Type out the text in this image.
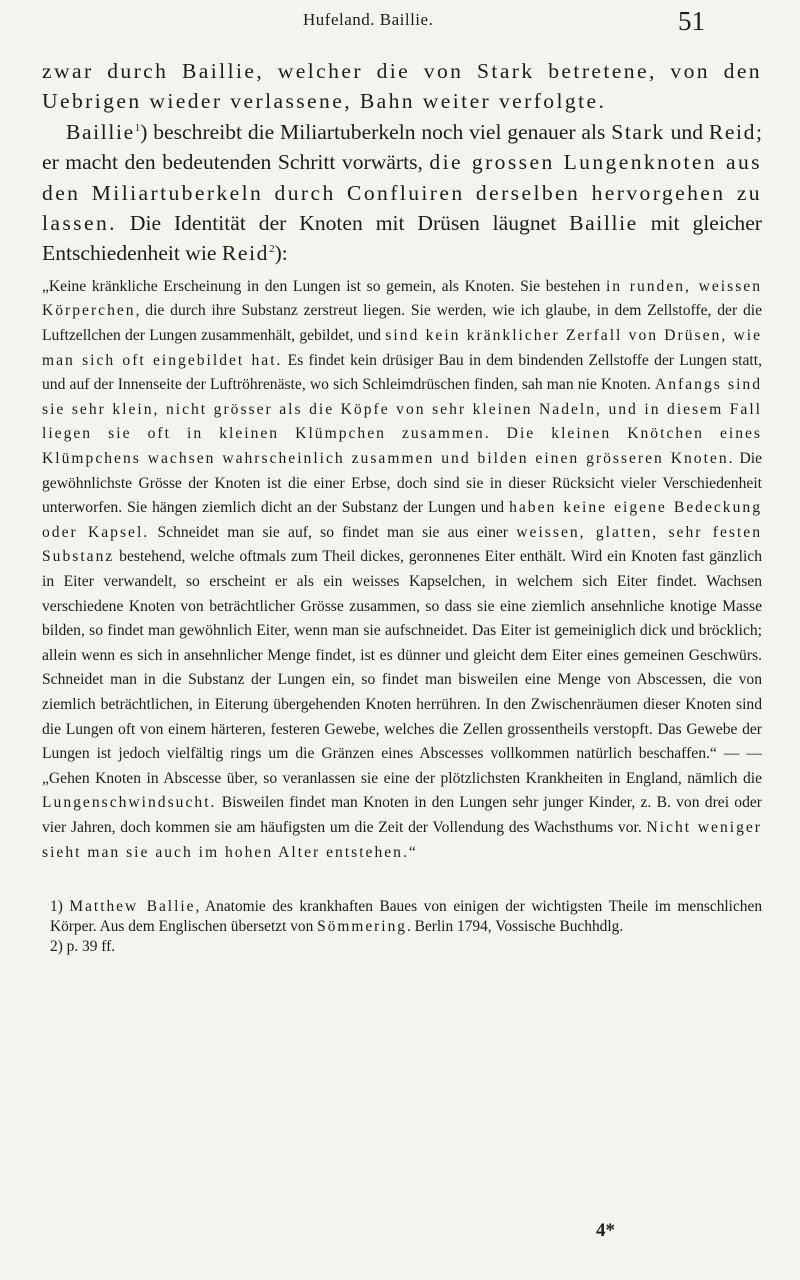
Hufeland. Baillie.	51

zwar durch Baillie, welcher die von Stark betretene, von den Uebrigen wieder verlassene, Bahn weiter verfolgte.

Baillie$^1$) beschreibt die Miliartuberkeln noch viel genauer als Stark und Reid; er macht den bedeutenden Schritt vorwärts, die grossen Lungenknoten aus den Miliartuberkeln durch Confluiren derselben hervorgehen zu lassen. Die Identität der Knoten mit Drüsen läugnet Baillie mit gleicher Entschiedenheit wie Reid$^2$):

„Keine kränkliche Erscheinung in den Lungen ist so gemein, als Knoten. Sie bestehen in runden, weissen Körperchen, die durch ihre Substanz zerstreut liegen. Sie werden, wie ich glaube, in dem Zellstoffe, der die Luftzellchen der Lungen zusammenhält, gebildet, und sind kein kränklicher Zerfall von Drüsen, wie man sich oft eingebildet hat. Es findet kein drüsiger Bau in dem bindenden Zellstoffe der Lungen statt, und auf der Innenseite der Luftröhrenäste, wo sich Schleimdrüschen finden, sah man nie Knoten. Anfangs sind sie sehr klein, nicht grösser als die Köpfe von sehr kleinen Nadeln, und in diesem Fall liegen sie oft in kleinen Klümpchen zusammen. Die kleinen Knötchen eines Klümpchens wachsen wahrscheinlich zusammen und bilden einen grösseren Knoten. Die gewöhnlichste Grösse der Knoten ist die einer Erbse, doch sind sie in dieser Rücksicht vieler Verschiedenheit unterworfen. Sie hängen ziemlich dicht an der Substanz der Lungen und haben keine eigene Bedeckung oder Kapsel. Schneidet man sie auf, so findet man sie aus einer weissen, glatten, sehr festen Substanz bestehend, welche oftmals zum Theil dickes, geronnenes Eiter enthält. Wird ein Knoten fast gänzlich in Eiter verwandelt, so erscheint er als ein weisses Kapselchen, in welchem sich Eiter findet. Wachsen verschiedene Knoten von beträchtlicher Grösse zusammen, so dass sie eine ziemlich ansehnliche knotige Masse bilden, so findet man gewöhnlich Eiter, wenn man sie aufschneidet. Das Eiter ist gemeiniglich dick und bröcklich; allein wenn es sich in ansehnlicher Menge findet, ist es dünner und gleicht dem Eiter eines gemeinen Geschwürs. Schneidet man in die Substanz der Lungen ein, so findet man bisweilen eine Menge von Abscessen, die von ziemlich beträchtlichen, in Eiterung übergehenden Knoten herrühren. In den Zwischenräumen dieser Knoten sind die Lungen oft von einem härteren, festeren Gewebe, welches die Zellen grossentheils verstopft. Das Gewebe der Lungen ist jedoch vielfältig rings um die Gränzen eines Abscesses vollkommen natürlich beschaffen.“ — — „Gehen Knoten in Abscesse über, so veranlassen sie eine der plötzlichsten Krankheiten in England, nämlich die Lungenschwindsucht. Bisweilen findet man Knoten in den Lungen sehr junger Kinder, z. B. von drei oder vier Jahren, doch kommen sie am häufigsten um die Zeit der Vollendung des Wachsthums vor. Nicht weniger sieht man sie auch im hohen Alter entstehen.“

1) Matthew Ballie, Anatomie des krankhaften Baues von einigen der wichtigsten Theile im menschlichen Körper. Aus dem Englischen übersetzt von Sömmering. Berlin 1794, Vossische Buchhdlg.

2) p. 39 ff.

4*
